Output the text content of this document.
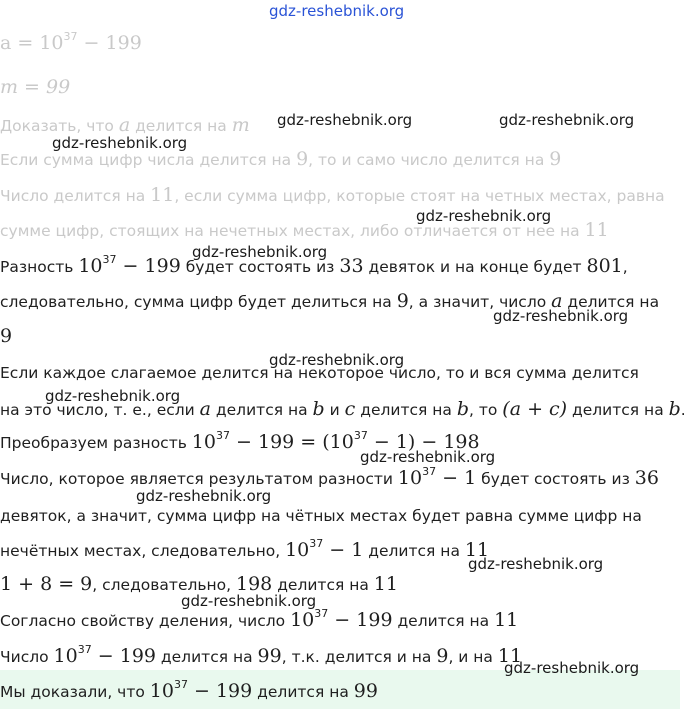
gdz-reshebnik.org
$a = 10^{37} - 199$
m = 99
Доказать, что a делится на m
Если сумма цифр числа делится на 9, то и само число делится на 9
Число делится на 11, если сумма цифр, которые стоят на четных местах, равна
сумме цифр, стоящих на нечетных местах, либо отличается от нее на 11
Разность $10^{37} - 199$ будет состоять из 33 девяток и на конце будет 801,
следовательно, сумма цифр будет делиться на 9, а значит, число a делится на
9
Если каждое слагаемое делится на некоторое число, то и вся сумма делится
на это число, т. е., если a делится на b и c делится на b, то (a + c) делится на b.
Преобразуем разность $10^{37} - 199 = (10^{37} - 1) - 198$
Число, которое является результатом разности $10^{37} - 1$ будет состоять из 36
девяток, а значит, сумма цифр на чётных местах будет равна сумме цифр на
нечётных местах, следовательно, $10^{37} - 1$ делится на 11
1 + 8 = 9, следовательно, 198 делится на 11
Согласно свойству деления, число $10^{37} - 199$ делится на 11
Число $10^{37} - 199$ делится на 99, т.к. делится и на 9, и на 11
Мы доказали, что $10^{37} - 199$ делится на 99
gdz-reshebnik.org	gdz-reshebnik.org
gdz-reshebnik.org
gdz-reshebnik.org
gdz-reshebnik.org
gdz-reshebnik.org
gdz-reshebnik.org
gdz-reshebnik.org
gdz-reshebnik.org
gdz-reshebnik.org
gdz-reshebnik.org
gdz-reshebnik.org
gdz-reshebnik.org
